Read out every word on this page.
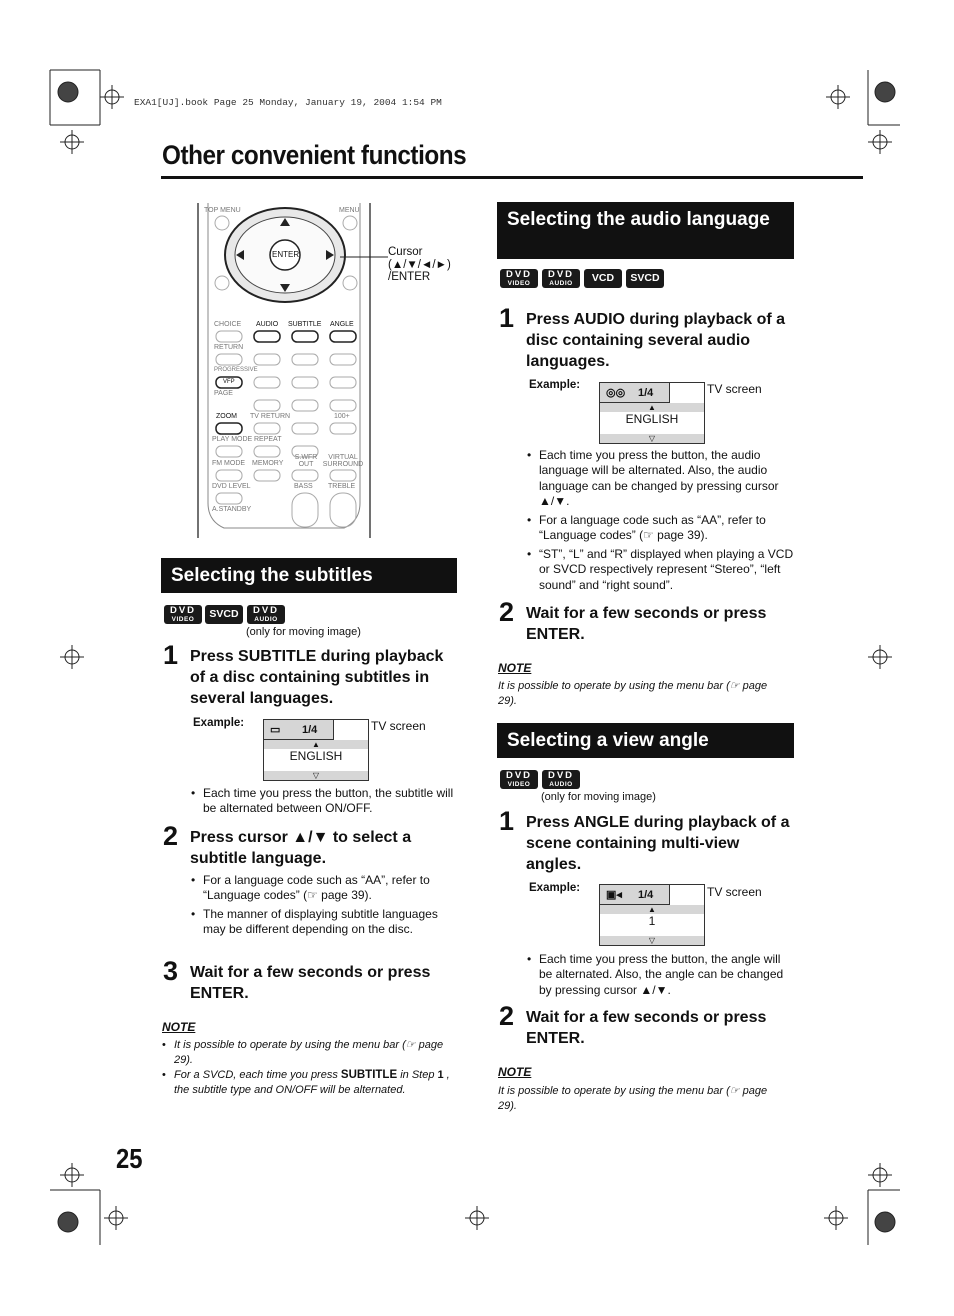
EXA1[UJ].book Page 25 Monday, January 19, 2004 1:54 PM
Other convenient functions
TOP MENU	MENU
ENTER
CHOICE AUDIO SUBTITLE ANGLE
RETURN
PROGRESSIVE
VFP
PAGE
ZOOM TV RETURN	100+
PLAY MODE REPEAT
FM MODE MEMORY
S.WFR OUT
VIRTUAL SURROUND
DVD LEVEL	BASS TREBLE
A.STANDBY
Cursor
(▲/▼/◄/►)
/ENTER
Selecting the subtitles
DVD
VIDEO	SVCD	DVD
AUDIO
(only for moving image)
1 Press SUBTITLE during playback of a disc containing subtitles in several languages.
Example:
▭ 1/4
▲
ENGLISH
▽
TV screen
• Each time you press the button, the subtitle will be alternated between ON/OFF.
2 Press cursor ▲/▼ to select a subtitle language.
• For a language code such as “AA”, refer to “Language codes” (☞ page 39).
• The manner of displaying subtitle languages may be different depending on the disc.
3 Wait for a few seconds or press ENTER.
NOTE
• It is possible to operate by using the menu bar (☞ page 29).
• For a SVCD, each time you press SUBTITLE in Step 1 , the subtitle type and ON/OFF will be alternated.
25
Selecting the audio language
DVD
VIDEO
DVD
AUDIO	VCD	SVCD
1 Press AUDIO during playback of a disc containing several audio languages.
Example:
◎◎ 1/4
▲
ENGLISH
▽
TV screen
• Each time you press the button, the audio language will be alternated. Also, the audio language can be changed by pressing cursor ▲/▼.
• For a language code such as “AA”, refer to “Language codes” (☞ page 39).
• “ST”, “L” and “R” displayed when playing a VCD or SVCD respectively represent “Stereo”, “left sound” and “right sound”.
2 Wait for a few seconds or press ENTER.
NOTE
It is possible to operate by using the menu bar (☞ page 29).
Selecting a view angle
DVD
VIDEO
DVD
AUDIO
(only for moving image)
1 Press ANGLE during playback of a scene containing multi-view angles.
Example:
▣◂ 1/4
▲
1
▽
TV screen
• Each time you press the button, the angle will be alternated. Also, the angle can be changed by pressing cursor ▲/▼.
2 Wait for a few seconds or press ENTER.
NOTE
It is possible to operate by using the menu bar (☞ page 29).
